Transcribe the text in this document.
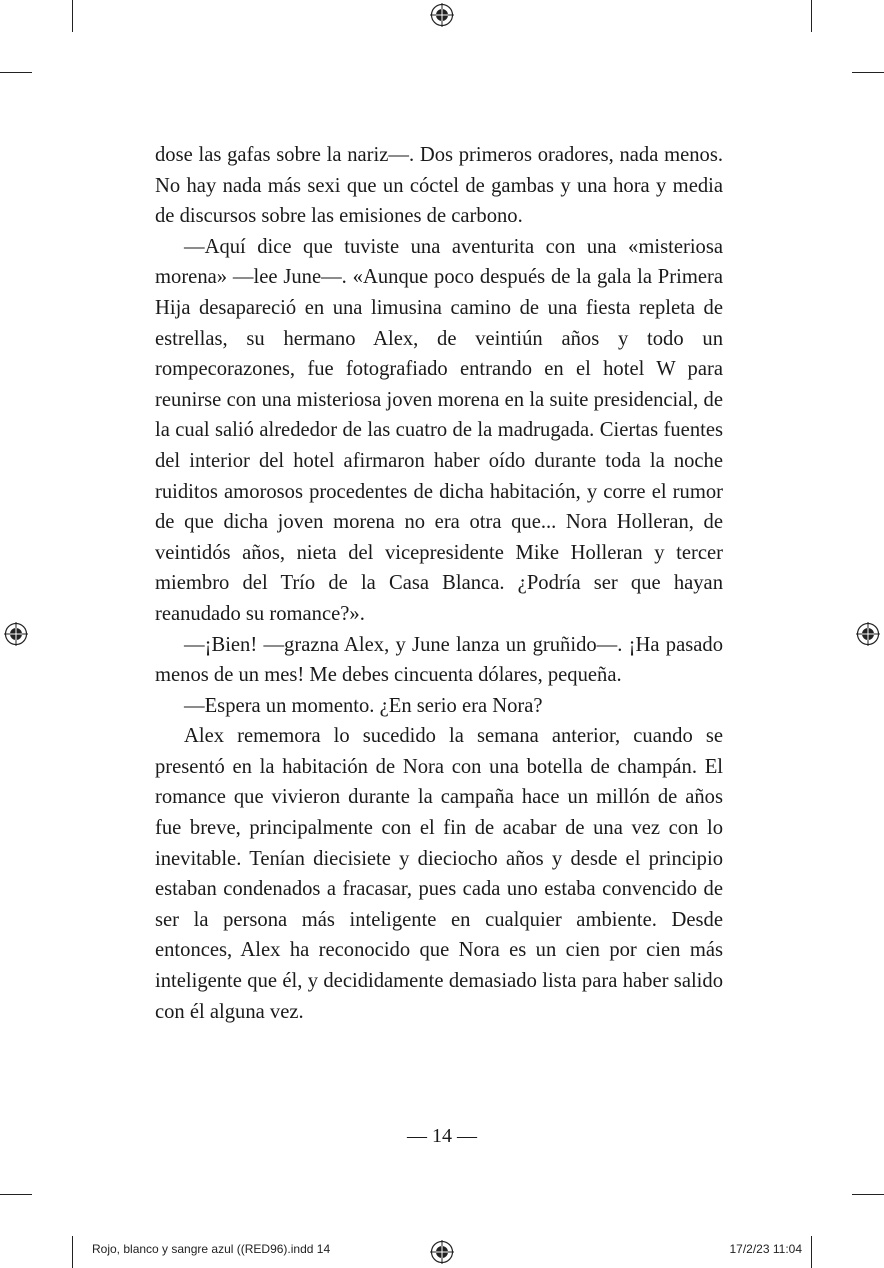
dose las gafas sobre la nariz—. Dos primeros oradores, nada menos. No hay nada más sexi que un cóctel de gambas y una hora y media de discursos sobre las emisiones de carbono.

—Aquí dice que tuviste una aventurita con una «misteriosa morena» —lee June—. «Aunque poco después de la gala la Primera Hija desapareció en una limusina camino de una fiesta repleta de estrellas, su hermano Alex, de veintiún años y todo un rompecorazones, fue fotografiado entrando en el hotel W para reunirse con una misteriosa joven morena en la suite presidencial, de la cual salió alrededor de las cuatro de la madrugada. Ciertas fuentes del interior del hotel afirmaron haber oído durante toda la noche ruiditos amorosos procedentes de dicha habitación, y corre el rumor de que dicha joven morena no era otra que... Nora Holleran, de veintidós años, nieta del vicepresidente Mike Holleran y tercer miembro del Trío de la Casa Blanca. ¿Podría ser que hayan reanudado su romance?».

—¡Bien! —grazna Alex, y June lanza un gruñido—. ¡Ha pasado menos de un mes! Me debes cincuenta dólares, pequeña.

—Espera un momento. ¿En serio era Nora?

Alex rememora lo sucedido la semana anterior, cuando se presentó en la habitación de Nora con una botella de champán. El romance que vivieron durante la campaña hace un millón de años fue breve, principalmente con el fin de acabar de una vez con lo inevitable. Tenían diecisiete y dieciocho años y desde el principio estaban condenados a fracasar, pues cada uno estaba convencido de ser la persona más inteligente en cualquier ambiente. Desde entonces, Alex ha reconocido que Nora es un cien por cien más inteligente que él, y decididamente demasiado lista para haber salido con él alguna vez.

— 14 —
Rojo, blanco y sangre azul ((RED96).indd 14	17/2/23 11:04
